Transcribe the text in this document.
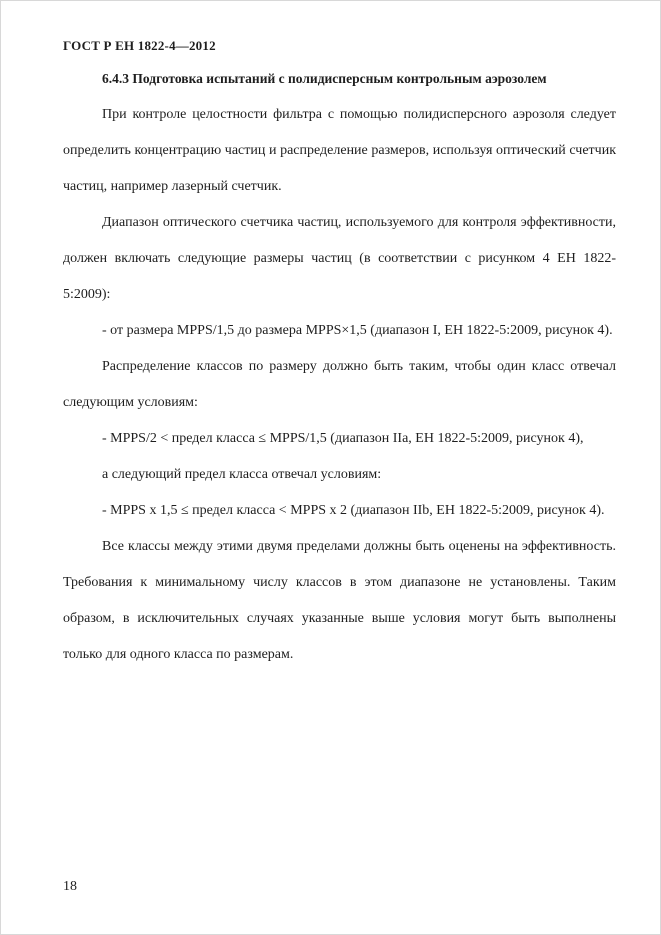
ГОСТ Р ЕН 1822-4—2012
6.4.3 Подготовка испытаний с полидисперсным контрольным аэрозолем

При контроле целостности фильтра с помощью полидисперсного аэрозоля следует определить концентрацию частиц и распределение размеров, используя оптический счетчик частиц, например лазерный счетчик.

Диапазон оптического счетчика частиц, используемого для контроля эффективности, должен включать следующие размеры частиц (в соответствии с рисунком 4 ЕН 1822-5:2009):

- от размера MPPS/1,5 до размера MPPS×1,5 (диапазон I, ЕН 1822-5:2009, рисунок 4).

Распределение классов по размеру должно быть таким, чтобы один класс отвечал следующим условиям:

- MPPS/2 < предел класса ≤ MPPS/1,5 (диапазон IIa, ЕН 1822-5:2009, рисунок 4),

а следующий предел класса отвечал условиям:

- MPPS x 1,5 ≤ предел класса < MPPS x 2 (диапазон IIb, ЕН 1822-5:2009, рисунок 4).

Все классы между этими двумя пределами должны быть оценены на эффективность. Требования к минимальному числу классов в этом диапазоне не установлены. Таким образом, в исключительных случаях указанные выше условия могут быть выполнены только для одного класса по размерам.

18
